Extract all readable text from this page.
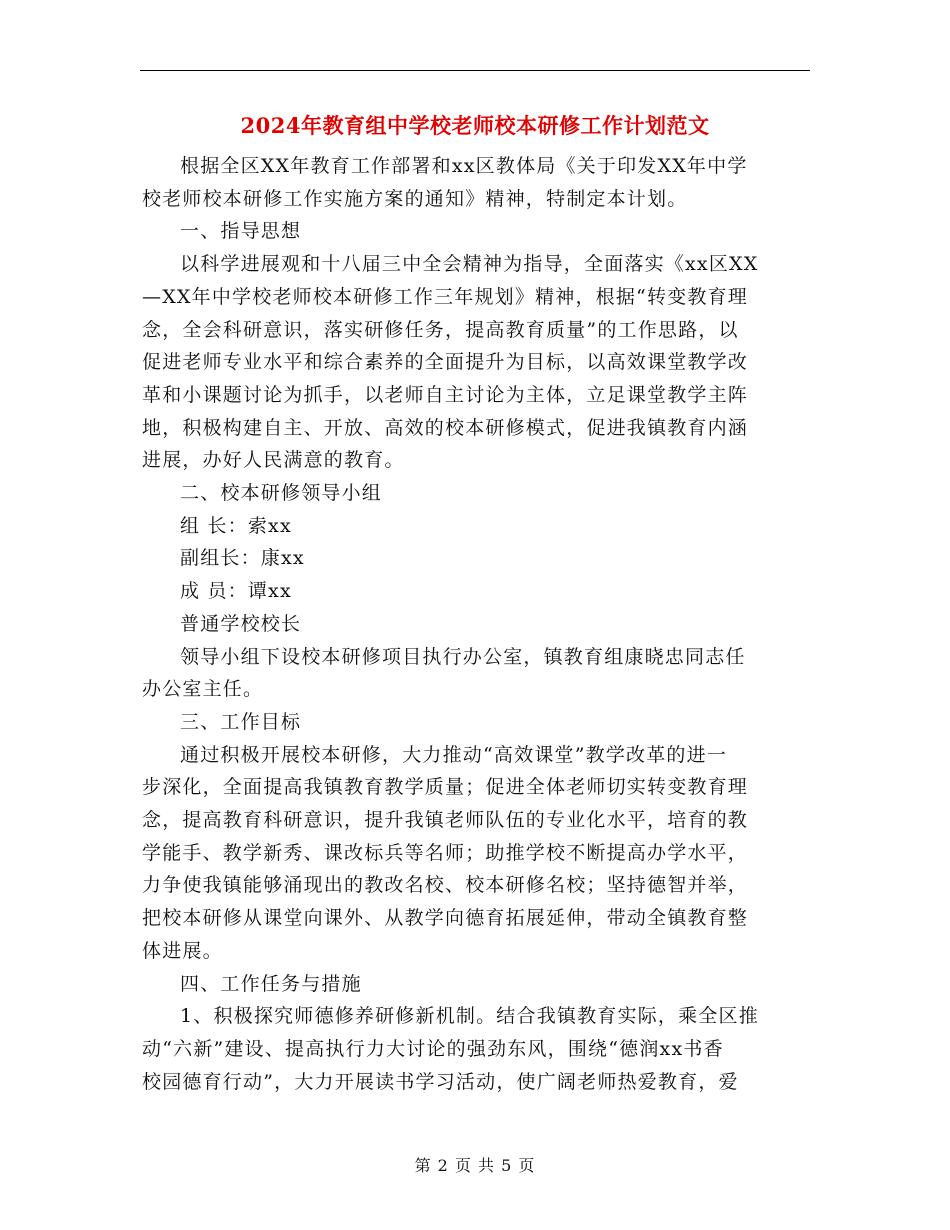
2024年教育组中学校老师校本研修工作计划范文

根据全区XX年教育工作部署和xx区教体局《关于印发XX年中学
校老师校本研修工作实施方案的通知》精神，特制定本计划。

一、指导思想

以科学进展观和十八届三中全会精神为指导，全面落实《xx区XX
—XX年中学校老师校本研修工作三年规划》精神，根据“转变教育理
念，全会科研意识，落实研修任务，提高教育质量”的工作思路，以
促进老师专业水平和综合素养的全面提升为目标，以高效课堂教学改
革和小课题讨论为抓手，以老师自主讨论为主体，立足课堂教学主阵
地，积极构建自主、开放、高效的校本研修模式，促进我镇教育内涵
进展，办好人民满意的教育。

二、校本研修领导小组

组 长：索xx

副组长：康xx

成 员：谭xx

普通学校校长

领导小组下设校本研修项目执行办公室，镇教育组康晓忠同志任
办公室主任。

三、工作目标

通过积极开展校本研修，大力推动“高效课堂”教学改革的进一
步深化，全面提高我镇教育教学质量；促进全体老师切实转变教育理
念，提高教育科研意识，提升我镇老师队伍的专业化水平，培育的教
学能手、教学新秀、课改标兵等名师；助推学校不断提高办学水平，
力争使我镇能够涌现出的教改名校、校本研修名校；坚持德智并举，
把校本研修从课堂向课外、从教学向德育拓展延伸，带动全镇教育整
体进展。

四、工作任务与措施

1、积极探究师德修养研修新机制。结合我镇教育实际，乘全区推
动“六新”建设、提高执行力大讨论的强劲东风，围绕“德润xx书香
校园德育行动”，大力开展读书学习活动，使广阔老师热爱教育，爱

第 2 页 共 5 页
